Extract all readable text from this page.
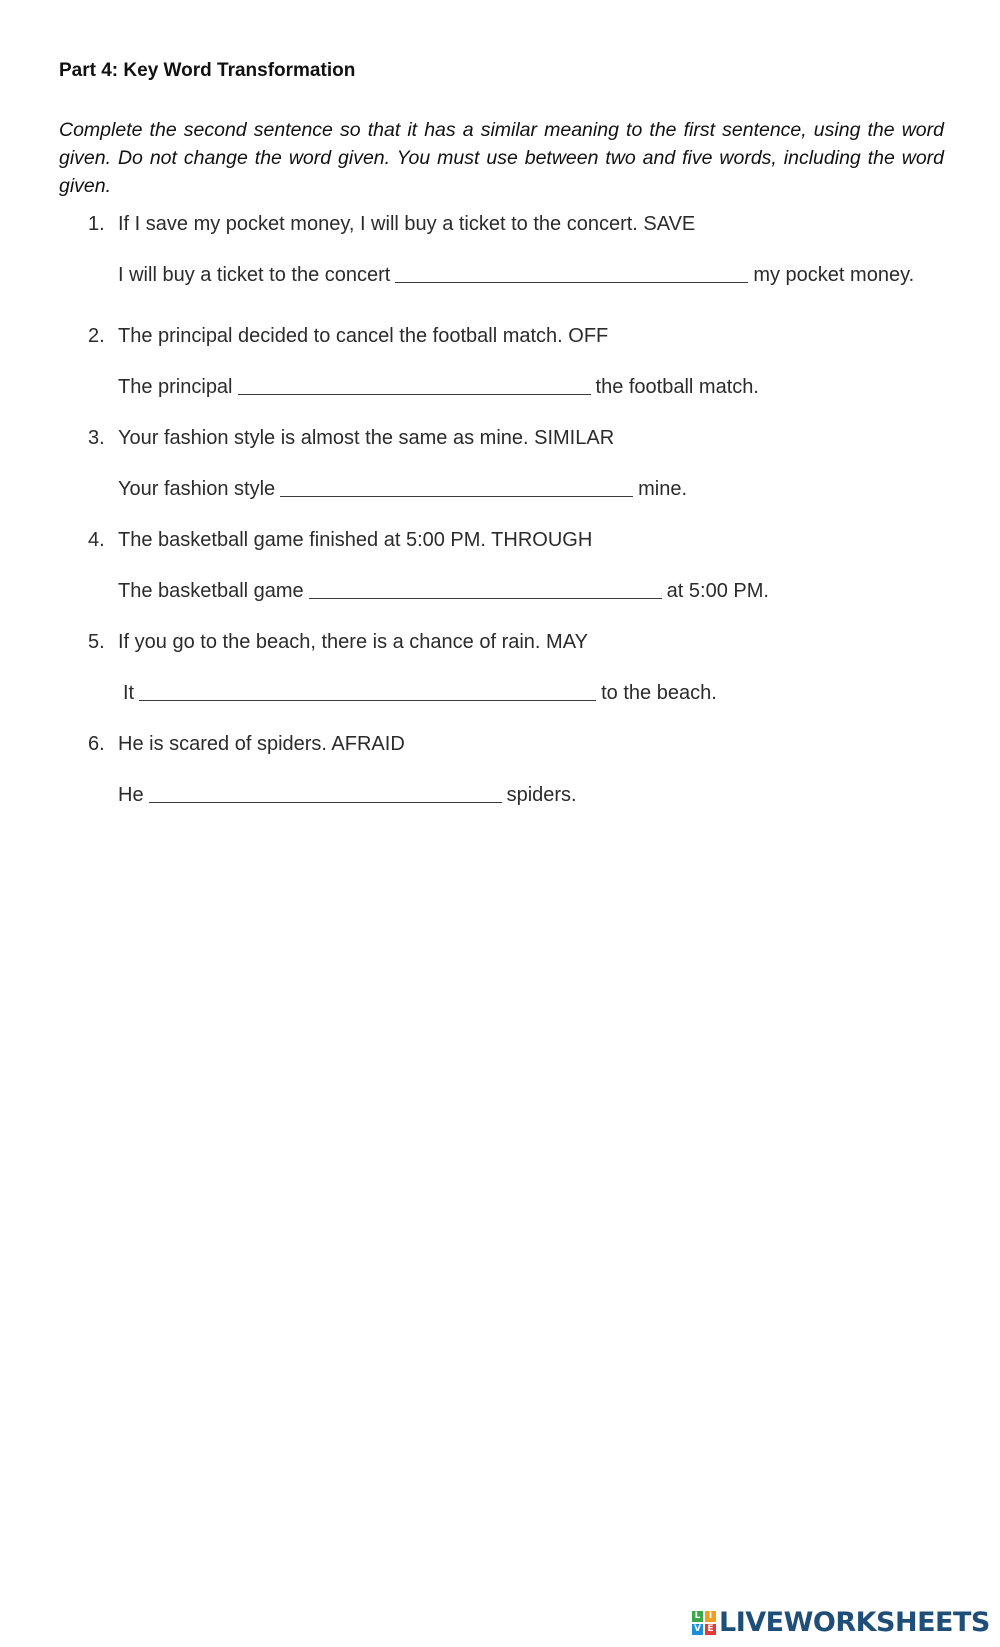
Part 4: Key Word Transformation

Complete the second sentence so that it has a similar meaning to the first sentence, using the word given. Do not change the word given. You must use between two and five words, including the word given.

1. If I save my pocket money, I will buy a ticket to the concert. SAVE
I will buy a ticket to the concert	my pocket money.
2. The principal decided to cancel the football match. OFF
The principal	the football match.
3. Your fashion style is almost the same as mine. SIMILAR
Your fashion style	mine.
4. The basketball game finished at 5:00 PM. THROUGH
The basketball game	at 5:00 PM.
5. If you go to the beach, there is a chance of rain. MAY
It	to the beach.
6. He is scared of spiders. AFRAID
He	spiders.
L I
V E LIVEWORKSHEETS
